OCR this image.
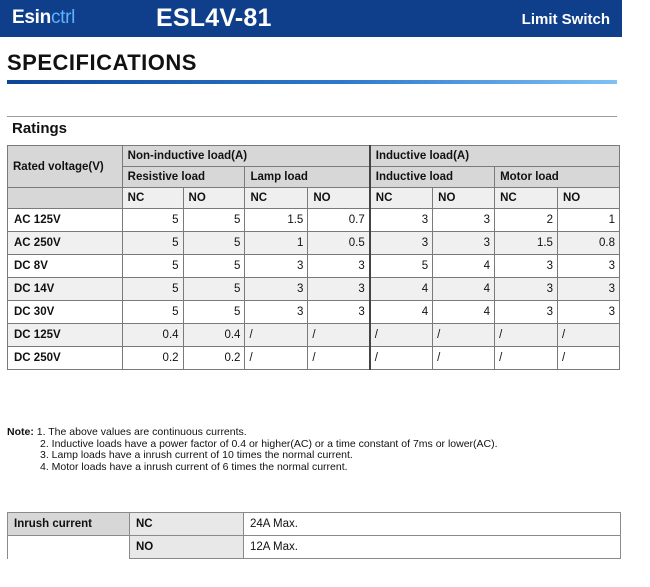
Esinctrl	ESL4V-81	Limit Switch
SPECIFICATIONS
Ratings
Rated voltage(V)	Non-inductive load(A)				Inductive load(A)			
	Resistive load		Lamp load		Inductive load		Motor load	
	NC	NO	NC	NO	NC	NO	NC	NO
AC 125V	5	5	1.5	0.7	3	3	2	1
AC 250V	5	5	1	0.5	3	3	1.5	0.8
DC 8V	5	5	3	3	5	4	3	3
DC 14V	5	5	3	3	4	4	3	3
DC 30V	5	5	3	3	4	4	3	3
DC 125V	0.4	0.4	/	/	/	/	/	/
DC 250V	0.2	0.2	/	/	/	/	/	/
Note: 1. The above values are continuous currents.
2. Inductive loads have a power factor of 0.4 or higher(AC) or a time constant of 7ms or lower(AC).
3. Lamp loads have a inrush current of 10 times the normal current.
4. Motor loads have a inrush current of 6 times the normal current.
Inrush current	NC	24A Max.
	NO	12A Max.
